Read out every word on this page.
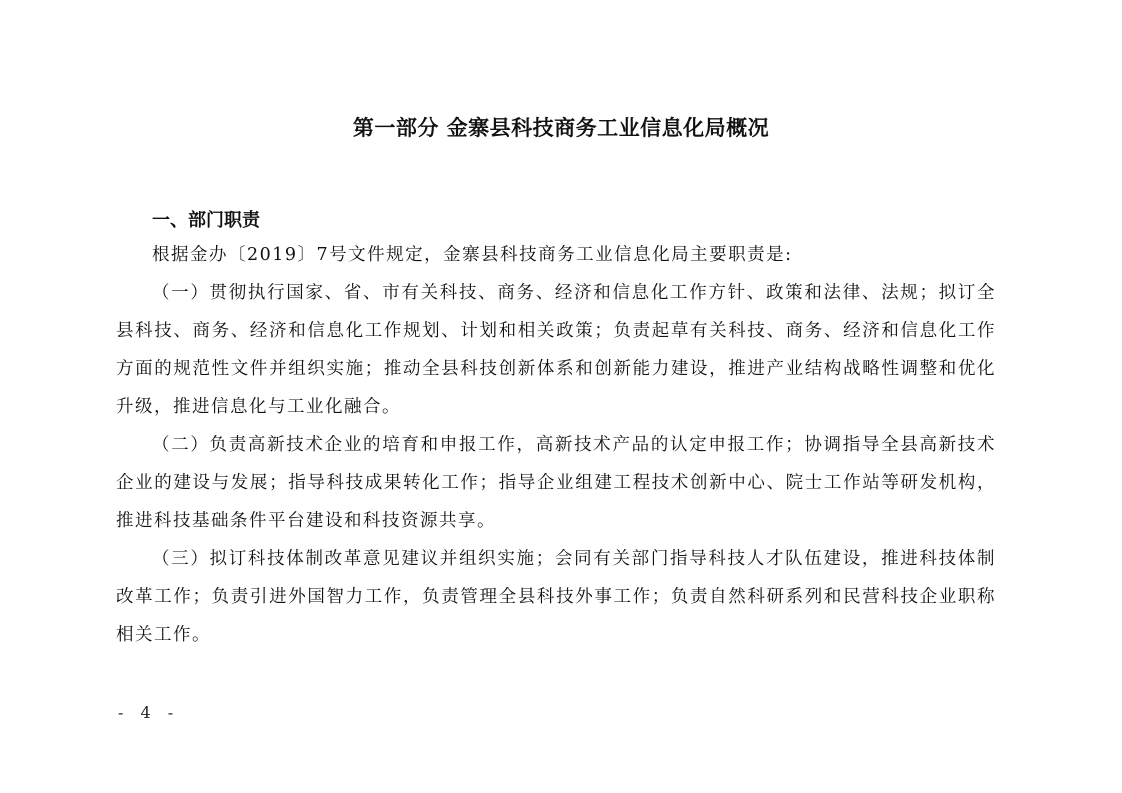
第一部分 金寨县科技商务工业信息化局概况
一、部门职责

根据金办〔2019〕7号文件规定，金寨县科技商务工业信息化局主要职责是:

（一）贯彻执行国家、省、市有关科技、商务、经济和信息化工作方针、政策和法律、法规；拟订全县科技、商务、经济和信息化工作规划、计划和相关政策；负责起草有关科技、商务、经济和信息化工作方面的规范性文件并组织实施；推动全县科技创新体系和创新能力建设，推进产业结构战略性调整和优化升级，推进信息化与工业化融合。

（二）负责高新技术企业的培育和申报工作，高新技术产品的认定申报工作；协调指导全县高新技术企业的建设与发展；指导科技成果转化工作；指导企业组建工程技术创新中心、院士工作站等研发机构，推进科技基础条件平台建设和科技资源共享。

（三）拟订科技体制改革意见建议并组织实施；会同有关部门指导科技人才队伍建设，推进科技体制改革工作；负责引进外国智力工作，负责管理全县科技外事工作；负责自然科研系列和民营科技企业职称相关工作。

- 4 -
